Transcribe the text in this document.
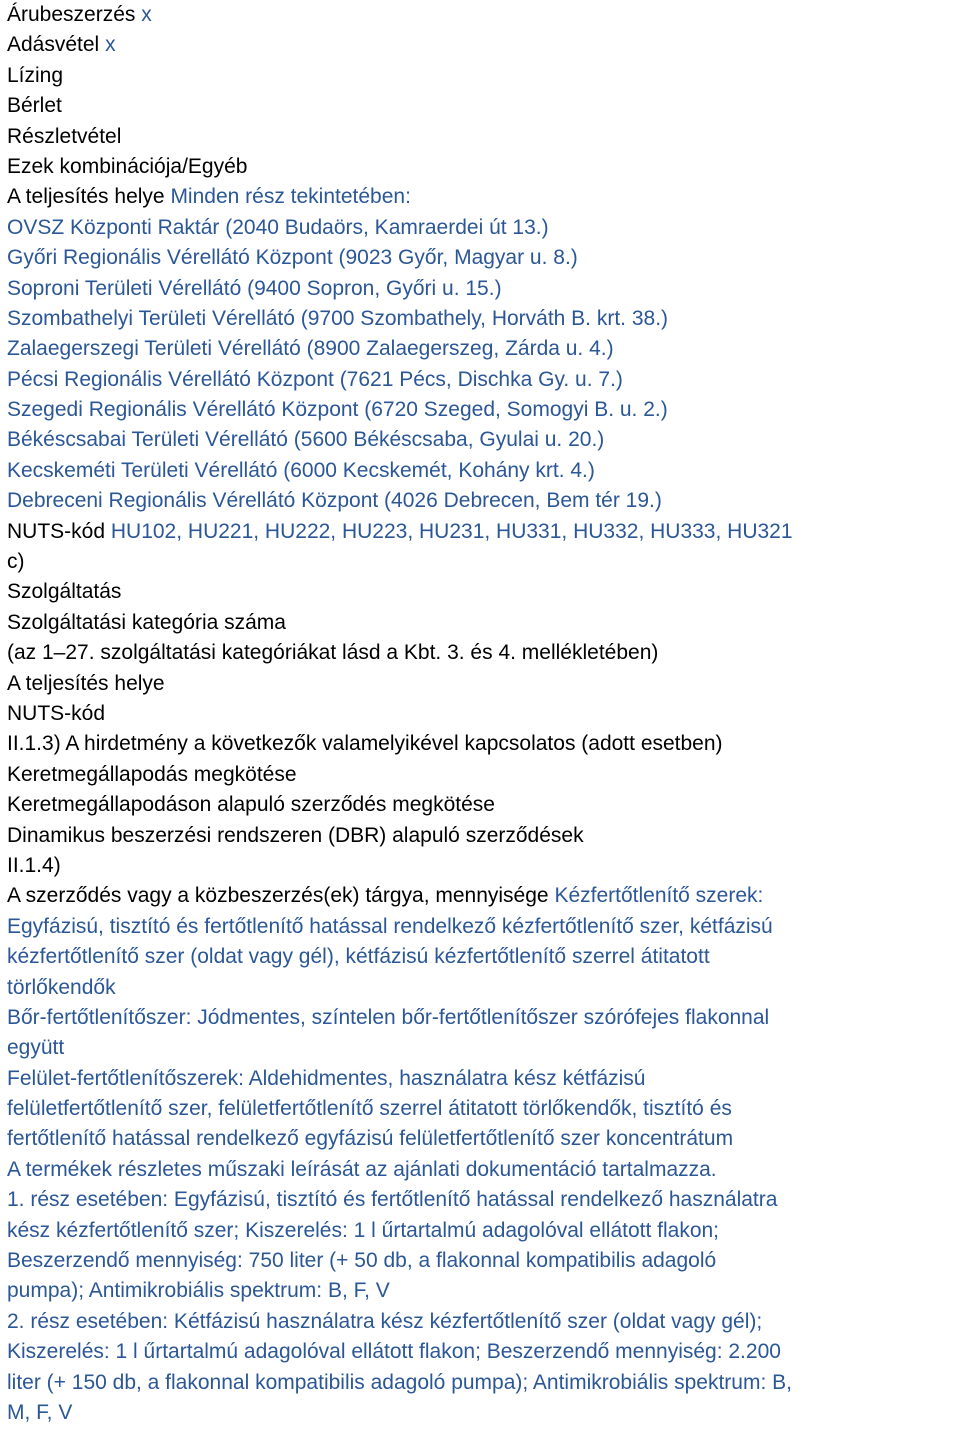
Árubeszerzés x
Adásvétel x
Lízing
Bérlet
Részletvétel
Ezek kombinációja/Egyéb
A teljesítés helye Minden rész tekintetében:
OVSZ Központi Raktár (2040 Budaörs, Kamraerdei út 13.)
Győri Regionális Vérellátó Központ (9023 Győr, Magyar u. 8.)
Soproni Területi Vérellátó (9400 Sopron, Győri u. 15.)
Szombathelyi Területi Vérellátó (9700 Szombathely, Horváth B. krt. 38.)
Zalaegerszegi Területi Vérellátó (8900 Zalaegerszeg, Zárda u. 4.)
Pécsi Regionális Vérellátó Központ (7621 Pécs, Dischka Gy. u. 7.)
Szegedi Regionális Vérellátó Központ (6720 Szeged, Somogyi B. u. 2.)
Békéscsabai Területi Vérellátó (5600 Békéscsaba, Gyulai u. 20.)
Kecskeméti Területi Vérellátó (6000 Kecskemét, Kohány krt. 4.)
Debreceni Regionális Vérellátó Központ (4026 Debrecen, Bem tér 19.)
NUTS-kód HU102, HU221, HU222, HU223, HU231, HU331, HU332, HU333, HU321
c)
Szolgáltatás
Szolgáltatási kategória száma
(az 1–27. szolgáltatási kategóriákat lásd a Kbt. 3. és 4. mellékletében)
A teljesítés helye
NUTS-kód
II.1.3) A hirdetmény a következők valamelyikével kapcsolatos (adott esetben)
Keretmegállapodás megkötése
Keretmegállapodáson alapuló szerződés megkötése
Dinamikus beszerzési rendszeren (DBR) alapuló szerződések
II.1.4)
A szerződés vagy a közbeszerzés(ek) tárgya, mennyisége Kézfertőtlenítő szerek:
Egyfázisú, tisztító és fertőtlenítő hatással rendelkező kézfertőtlenítő szer, kétfázisú
kézfertőtlenítő szer (oldat vagy gél), kétfázisú kézfertőtlenítő szerrel átitatott
törlőkendők
Bőr-fertőtlenítőszer: Jódmentes, színtelen bőr-fertőtlenítőszer szórófejes flakonnal
együtt
Felület-fertőtlenítőszerek: Aldehidmentes, használatra kész kétfázisú
felületfertőtlenítő szer, felületfertőtlenítő szerrel átitatott törlőkendők, tisztító és
fertőtlenítő hatással rendelkező egyfázisú felületfertőtlenítő szer koncentrátum
A termékek részletes műszaki leírását az ajánlati dokumentáció tartalmazza.
1. rész esetében: Egyfázisú, tisztító és fertőtlenítő hatással rendelkező használatra
kész kézfertőtlenítő szer; Kiszerelés: 1 l űrtartalmú adagolóval ellátott flakon;
Beszerzendő mennyiség: 750 liter (+ 50 db, a flakonnal kompatibilis adagoló
pumpa); Antimikrobiális spektrum: B, F, V
2. rész esetében: Kétfázisú használatra kész kézfertőtlenítő szer (oldat vagy gél);
Kiszerelés: 1 l űrtartalmú adagolóval ellátott flakon; Beszerzendő mennyiség: 2.200
liter (+ 150 db, a flakonnal kompatibilis adagoló pumpa); Antimikrobiális spektrum: B,
M, F, V
